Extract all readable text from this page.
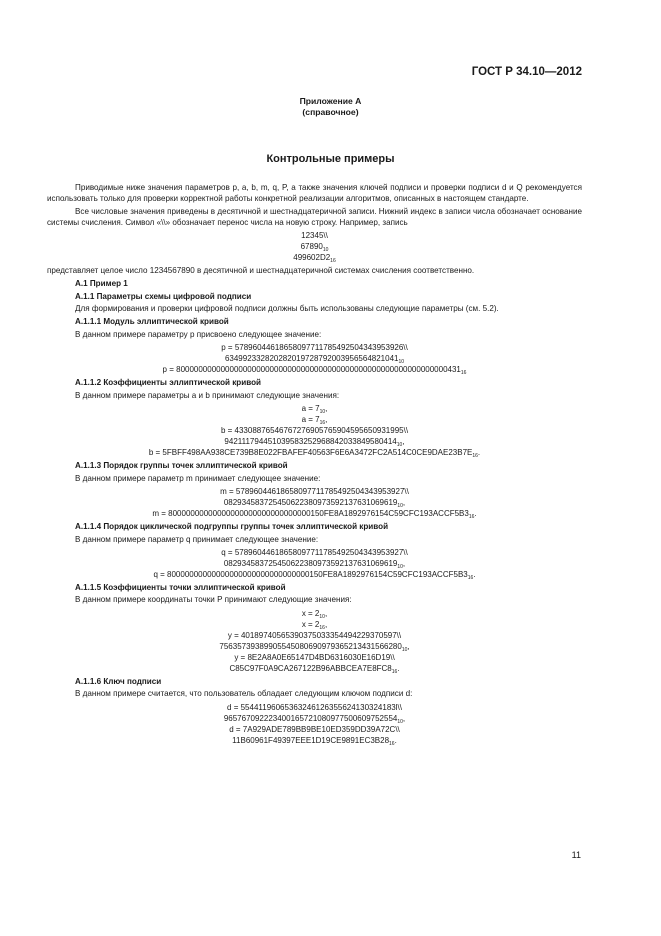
ГОСТ Р 34.10—2012
Приложение А
(справочное)
Контрольные примеры

Приводимые ниже значения параметров p, a, b, m, q, P, а также значения ключей подписи и проверки подписи d и Q рекомендуется использовать только для проверки корректной работы конкретной реализации алгоритмов, описанных в настоящем стандарте.

Все числовые значения приведены в десятичной и шестнадцатеричной записи. Нижний индекс в записи числа обозначает основание системы счисления. Символ «\\» обозначает перенос числа на новую строку. Например, запись

12345\\

$67890_{10}$

$499602D2_{16}$

представляет целое число 1234567890 в десятичной и шестнадцатеричной системах счисления соответственно.

А.1 Пример 1

А.1.1 Параметры схемы цифровой подписи

Для формирования и проверки цифровой подписи должны быть использованы следующие параметры (см. 5.2).

А.1.1.1 Модуль эллиптической кривой

В данном примере параметру p присвоено следующее значение:

p = 57896044618658097711785492504343953926\\

$634992332820282019728792003956564821041_{10}$

$p = 8000000000000000000000000000000000000000000000000000000000000431_{16}$

А.1.1.2 Коэффициенты эллиптической кривой

В данном примере параметры a и b принимают следующие значения:

$a = 7_{10}$,

$a = 7_{16}$,

b = 43308876546767276905765904595650931995\\

$942111794451039583252968842033849580414_{10}$,

$b = 5FBFF498AA938CE739B8E022FBAFEF40563F6E6A3472FC2A514C0CE9DAE23B7E_{16}$.

А.1.1.3 Порядок группы точек эллиптической кривой

В данном примере параметр m принимает следующее значение:

m = 57896044618658097711785492504343953927\\

$082934583725450622380973592137631069619_{10}$,

$m = 80000000000000000000000000000000150FE8A1892976154C59CFC193ACCF5B3_{16}$.

А.1.1.4 Порядок циклической подгруппы группы точек эллиптической кривой

В данном примере параметр q принимает следующее значение:

q = 57896044618658097711785492504343953927\\

$082934583725450622380973592137631069619_{10}$,

$q = 80000000000000000000000000000000150FE8A1892976154C59CFC193ACCF5B3_{16}$.

А.1.1.5 Коэффициенты точки эллиптической кривой

В данном примере координаты точки P принимают следующие значения:

$x = 2_{10}$,

$x = 2_{16}$,

y = 40189740565390375033354494229370597\\

$75635739389905545080690979365213431566280_{10}$,

y = 8E2A8A0E65147D4BD6316030E16D19\\

$C85C97F0A9CA267122B96ABBCEA7E8FC8_{16}$.

А.1.1.6 Ключ подписи

В данном примере считается, что пользователь обладает следующим ключом подписи d:

d = 55441196065363246126355624130324183l\\

$965767092223400165721080977500609752554_{10}$,

d = 7A929ADE789BB9BE10ED359DD39A72C\\

$11B60961F49397EEE1D19CE9891EC3B28_{16}$.

11
